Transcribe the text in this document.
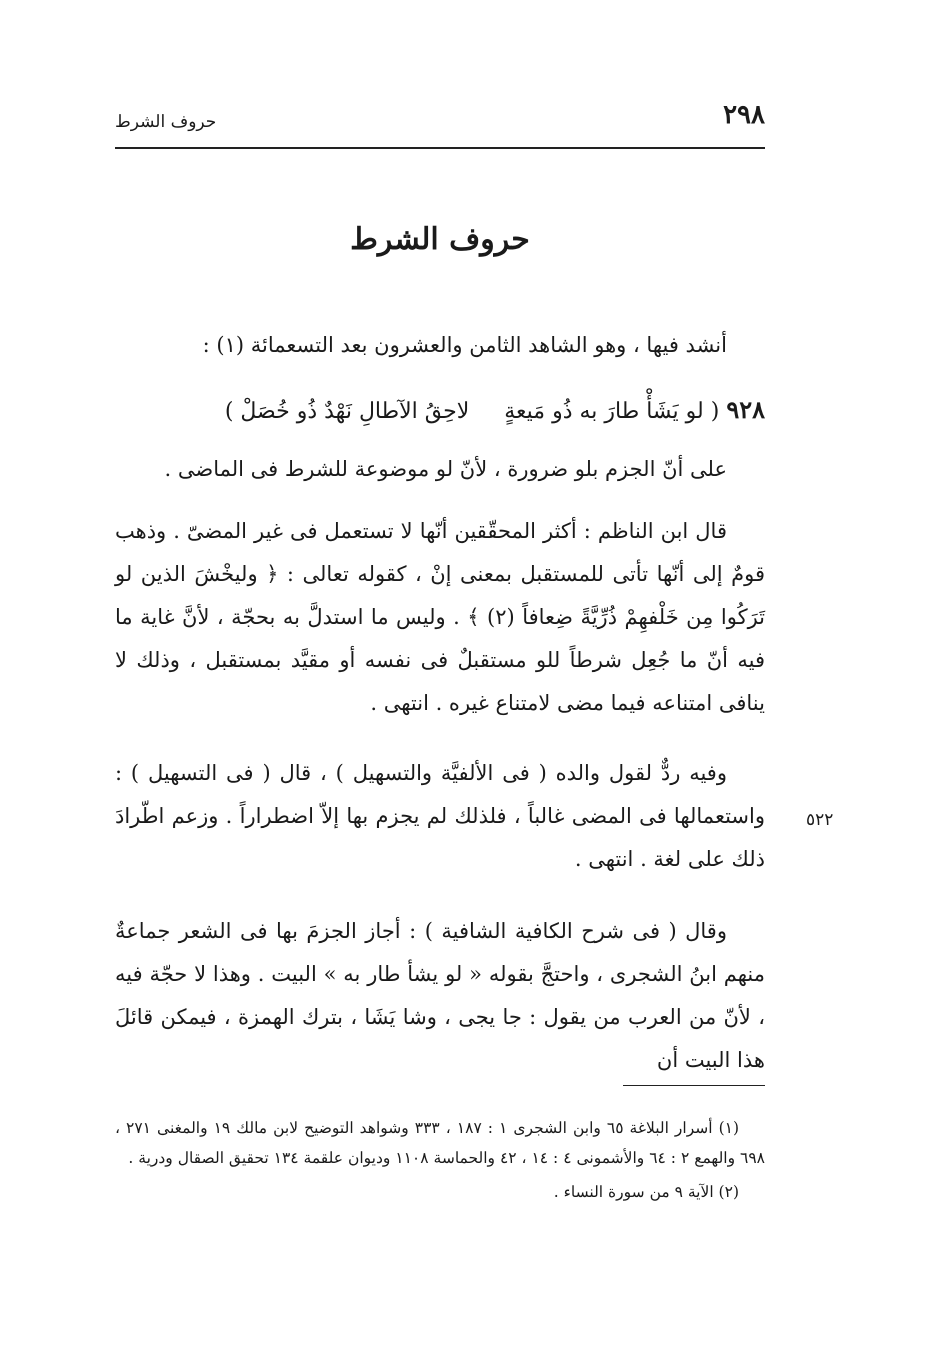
٢٩٨
حروف الشرط
حروف الشرط

أنشد فيها ، وهو الشاهد الثامن والعشرون بعد التسعمائة (١) :

٩٢٨ ( لو يَشَأْ طارَ به ذُو مَيعةٍ     لاحِقُ الآطالِ نَهْدٌ ذُو خُصَلْ )

على أنّ الجزم بلو ضرورة ، لأنّ لو موضوعة للشرط فى الماضى .

قال ابن الناظم : أكثر المحقّقين أنّها لا تستعمل فى غير المضىّ . وذهب قومٌ إلى أنّها تأتى للمستقبل بمعنى إنْ ، كقوله تعالى : ﴿ وليخْشَ الذين لو تَرَكُوا مِن خَلْفهِمْ ذُرِّيَّةً ضِعافاً (٢) ﴾ . وليس ما استدلَّ به بحجّة ، لأنَّ غاية ما فيه أنّ ما جُعِل شرطاً للو مستقبلٌ فى نفسه أو مقيَّد بمستقبل ، وذلك لا ينافى امتناعه فيما مضى لامتناع غيره . انتهى .

وفيه ردٌّ لقول والده ( فى الألفيَّة والتسهيل ) ، قال ( فى التسهيل ) : واستعمالها فى المضى غالباً ، فلذلك لم يجزم بها إلاّ اضطراراً . وزعم اطّرادَ ذلك على لغة . انتهى .

٥٢٢

وقال ( فى شرح الكافية الشافية ) : أجاز الجزمَ بها فى الشعر جماعةٌ منهم ابنُ الشجرى ، واحتجَّ بقوله « لو يشأ طار به » البيت . وهذا لا حجّة فيه ، لأنّ من العرب من يقول : جا يجى ، وشا يَشَا ، بترك الهمزة ، فيمكن قائلَ هذا البيت أن

(١) أسرار البلاغة ٦٥ وابن الشجرى ١ : ١٨٧ ، ٣٣٣ وشواهد التوضيح لابن مالك ١٩ والمغنى ٢٧١ ، ٦٩٨ والهمع ٢ : ٦٤ والأشمونى ٤ : ١٤ ، ٤٢ والحماسة ١١٠٨ وديوان علقمة ١٣٤ تحقيق الصقال ودرية .

(٢) الآية ٩ من سورة النساء .
